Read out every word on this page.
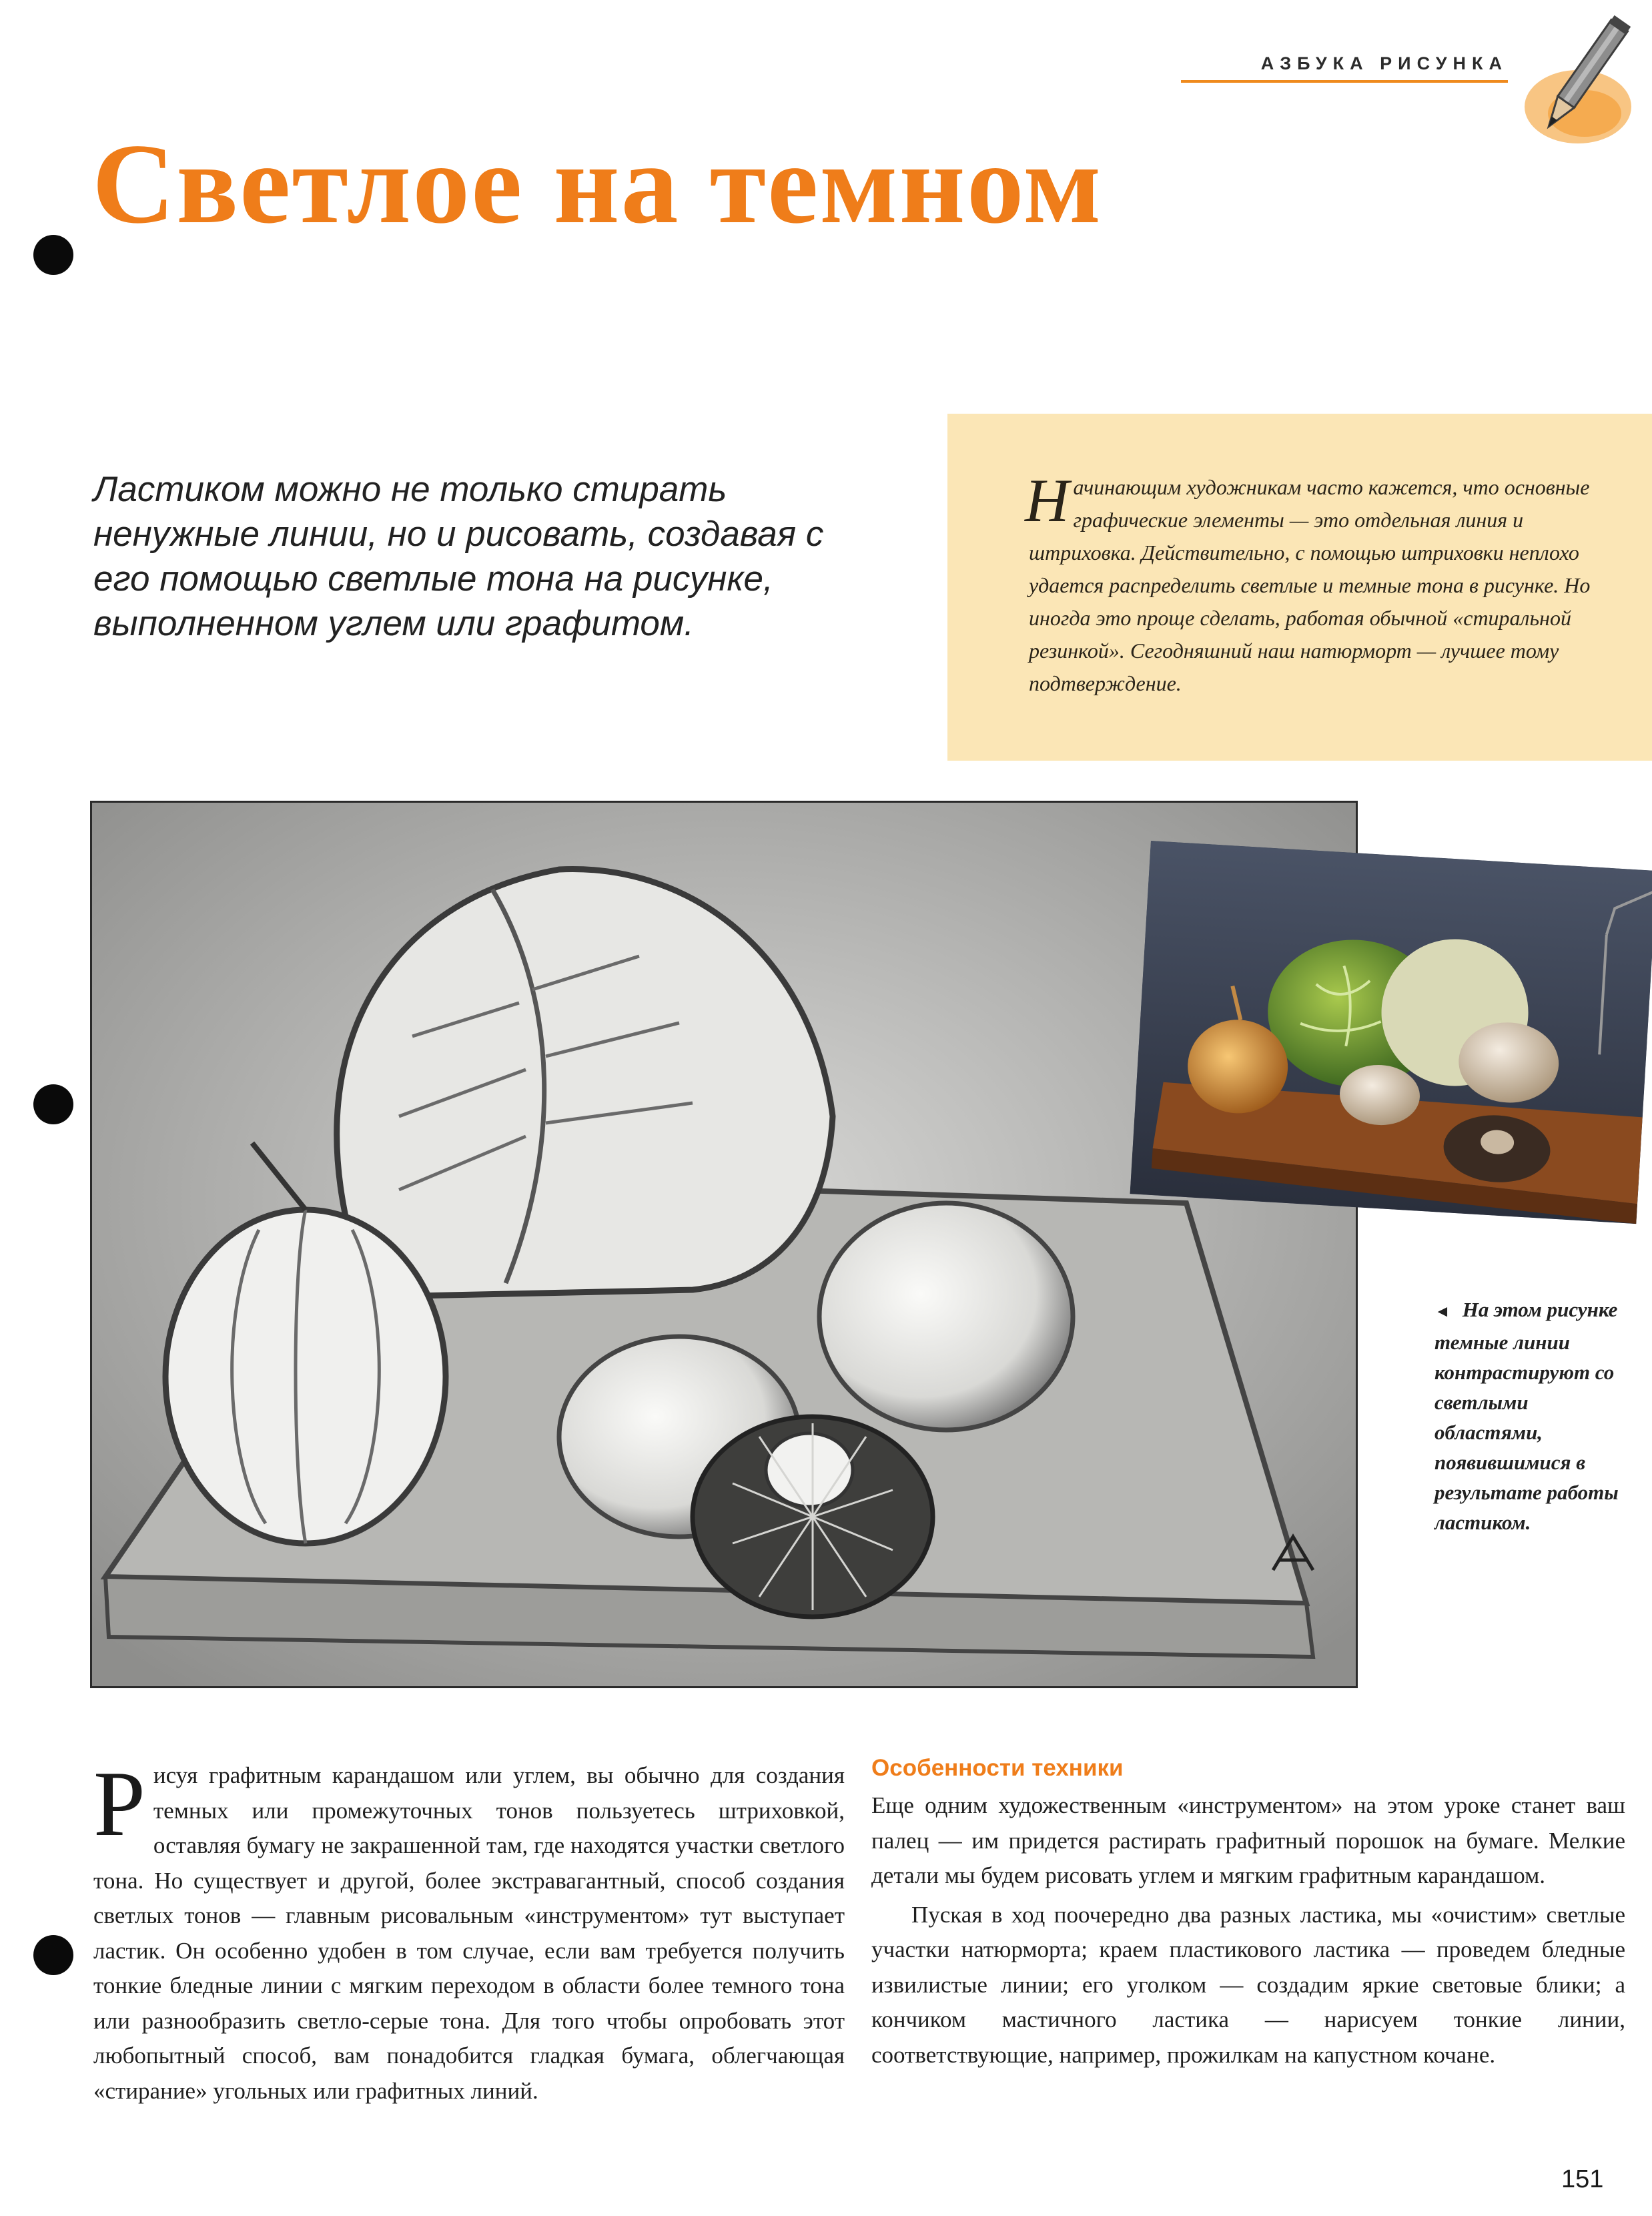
АЗБУКА РИСУНКА
Светлое на темном

Ластиком можно не только стирать ненужные линии, но и рисовать, создавая с его помощью светлые тона на рисунке, выполненном углем или графитом.

Н ачинающим художникам часто кажется, что основные графические элементы — это отдельная линия и штриховка. Действительно, с помощью штриховки неплохо удается распределить светлые и темные тона в рисунке. Но иногда это проще сделать, работая обычной «стиральной резинкой». Сегодняшний наш натюрморт — лучшее тому подтверждение.

◄ На этом рисунке темные линии контрастируют со светлыми областями, появившимися в результате работы ластиком.

Р исуя графитным карандашом или углем, вы обычно для создания темных или промежуточных тонов пользуетесь штриховкой, оставляя бумагу не закрашенной там, где находятся участки светлого тона. Но существует и другой, более экстравагантный, способ создания светлых тонов — главным рисовальным «инструментом» тут выступает ластик. Он особенно удобен в том случае, если вам требуется получить тонкие бледные линии с мягким переходом в области более темного тона или разнообразить светло-серые тона. Для того чтобы опробовать этот любопытный способ, вам понадобится гладкая бумага, облегчающая «стирание» угольных или графитных линий.
Особенности техники

Еще одним художественным «инструментом» на этом уроке станет ваш палец — им придется растирать графитный порошок на бумаге. Мелкие детали мы будем рисовать углем и мягким графитным карандашом.

Пуская в ход поочередно два разных ластика, мы «очистим» светлые участки натюрморта; краем пластикового ластика — проведем бледные извилистые линии; его уголком — создадим яркие световые блики; а кончиком мастичного ластика — нарисуем тонкие линии, соответствующие, например, прожилкам на капустном кочане.

151
